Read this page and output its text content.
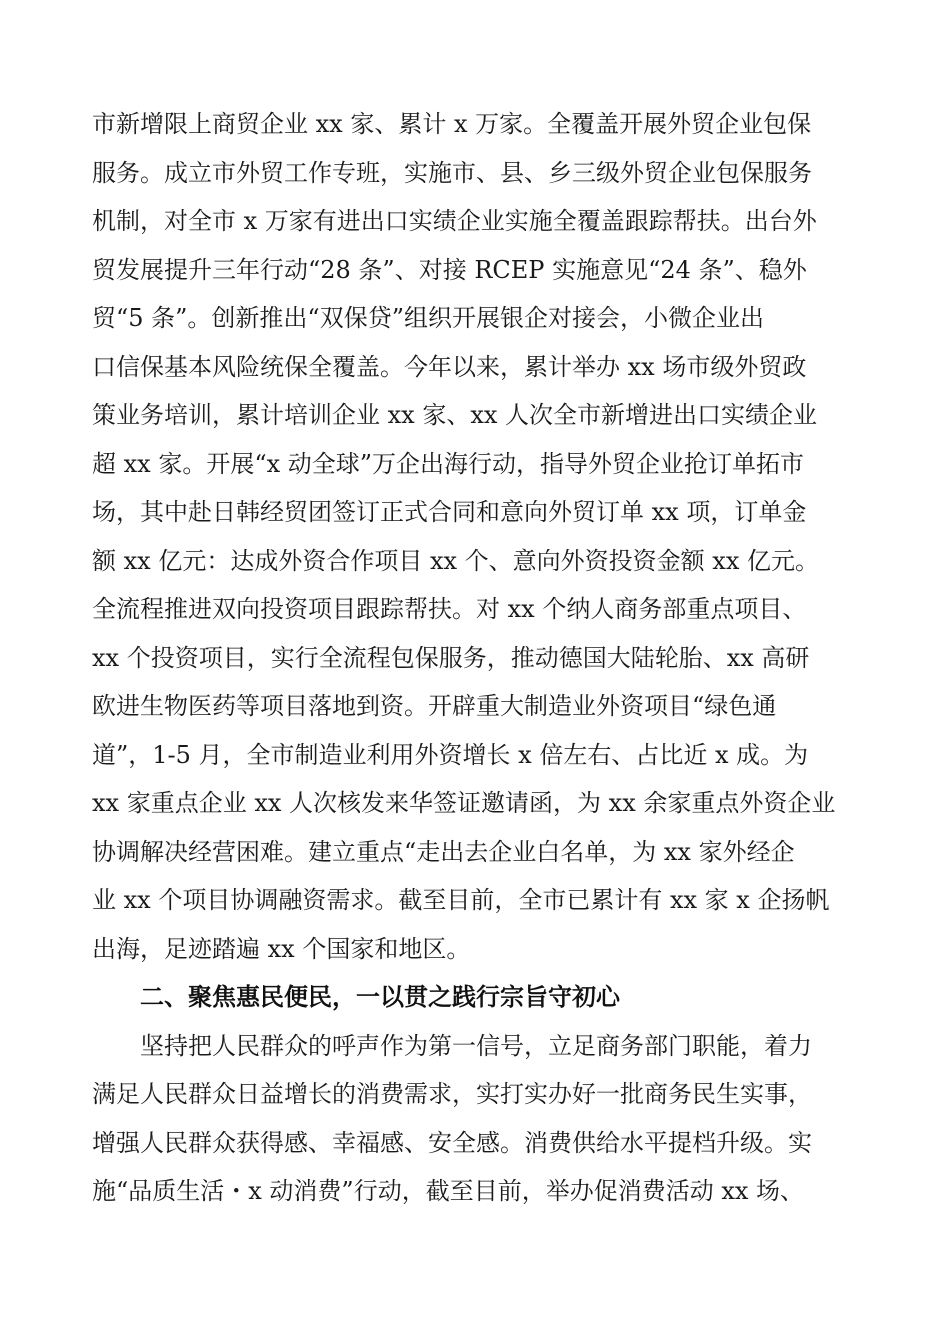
市新增限上商贸企业 xx 家、累计 x 万家。全覆盖开展外贸企业包保
服务。成立市外贸工作专班，实施市、县、乡三级外贸企业包保服务
机制，对全市 x 万家有进出口实绩企业实施全覆盖跟踪帮扶。出台外
贸发展提升三年行动“28 条”、对接 RCEP 实施意见“24 条”、稳外
贸“5 条”。创新推出“双保贷”组织开展银企对接会，小微企业出
口信保基本风险统保全覆盖。今年以来，累计举办 xx 场市级外贸政
策业务培训，累计培训企业 xx 家、xx 人次全市新增进出口实绩企业
超 xx 家。开展“x 动全球”万企出海行动，指导外贸企业抢订单拓市
场，其中赴日韩经贸团签订正式合同和意向外贸订单 xx 项，订单金
额 xx 亿元：达成外资合作项目 xx 个、意向外资投资金额 xx 亿元。
全流程推进双向投资项目跟踪帮扶。对 xx 个纳人商务部重点项目、
xx 个投资项目，实行全流程包保服务，推动德国大陆轮胎、xx 高研
欧进生物医药等项目落地到资。开辟重大制造业外资项目“绿色通
道”，1-5 月，全市制造业利用外资增长 x 倍左右、占比近 x 成。为
xx 家重点企业 xx 人次核发来华签证邀请函，为 xx 余家重点外资企业
协调解决经营困难。建立重点“走出去企业白名单，为 xx 家外经企
业 xx 个项目协调融资需求。截至目前，全市已累计有 xx 家 x 企扬帆
出海，足迹踏遍 xx 个国家和地区。
二、聚焦惠民便民，一以贯之践行宗旨守初心
坚持把人民群众的呼声作为第一信号，立足商务部门职能，着力
满足人民群众日益增长的消费需求，实打实办好一批商务民生实事，
增强人民群众获得感、幸福感、安全感。消费供给水平提档升级。实
施“品质生活・x 动消费”行动，截至目前，举办促消费活动 xx 场、
